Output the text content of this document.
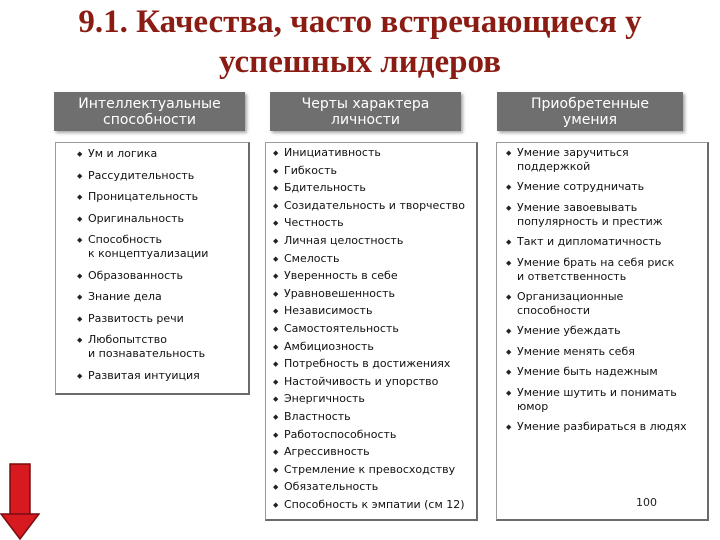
9.1. Качества, часто встречающиеся у
успешных лидеров
Интеллектуальные
способности
Черты характера
личности
Приобретенные
умения
◆ Ум и логика
◆ Рассудительность
◆ Проницательность
◆ Оригинальность
◆ Способность
к концептуализации
◆ Образованность
◆ Знание дела
◆ Развитость речи
◆ Любопытство
и познавательность
◆ Развитая интуиция
◆ Инициативность
◆ Гибкость
◆ Бдительность
◆ Созидательность и творчество
◆ Честность
◆ Личная целостность
◆ Смелость
◆ Уверенность в себе
◆ Уравновешенность
◆ Независимость
◆ Самостоятельность
◆ Амбициозность
◆ Потребность в достижениях
◆ Настойчивость и упорство
◆ Энергичность
◆ Властность
◆ Работоспособность
◆ Агрессивность
◆ Стремление к превосходству
◆ Обязательность
◆ Способность к эмпатии (см 12)
◆ Умение заручиться
поддержкой
◆ Умение сотрудничать
◆ Умение завоевывать
популярность и престиж
◆ Такт и дипломатичность
◆ Умение брать на себя риск
и ответственность
◆ Организационные
способности
◆ Умение убеждать
◆ Умение менять себя
◆ Умение быть надежным
◆ Умение шутить и понимать
юмор
◆ Умение разбираться в людях
100
